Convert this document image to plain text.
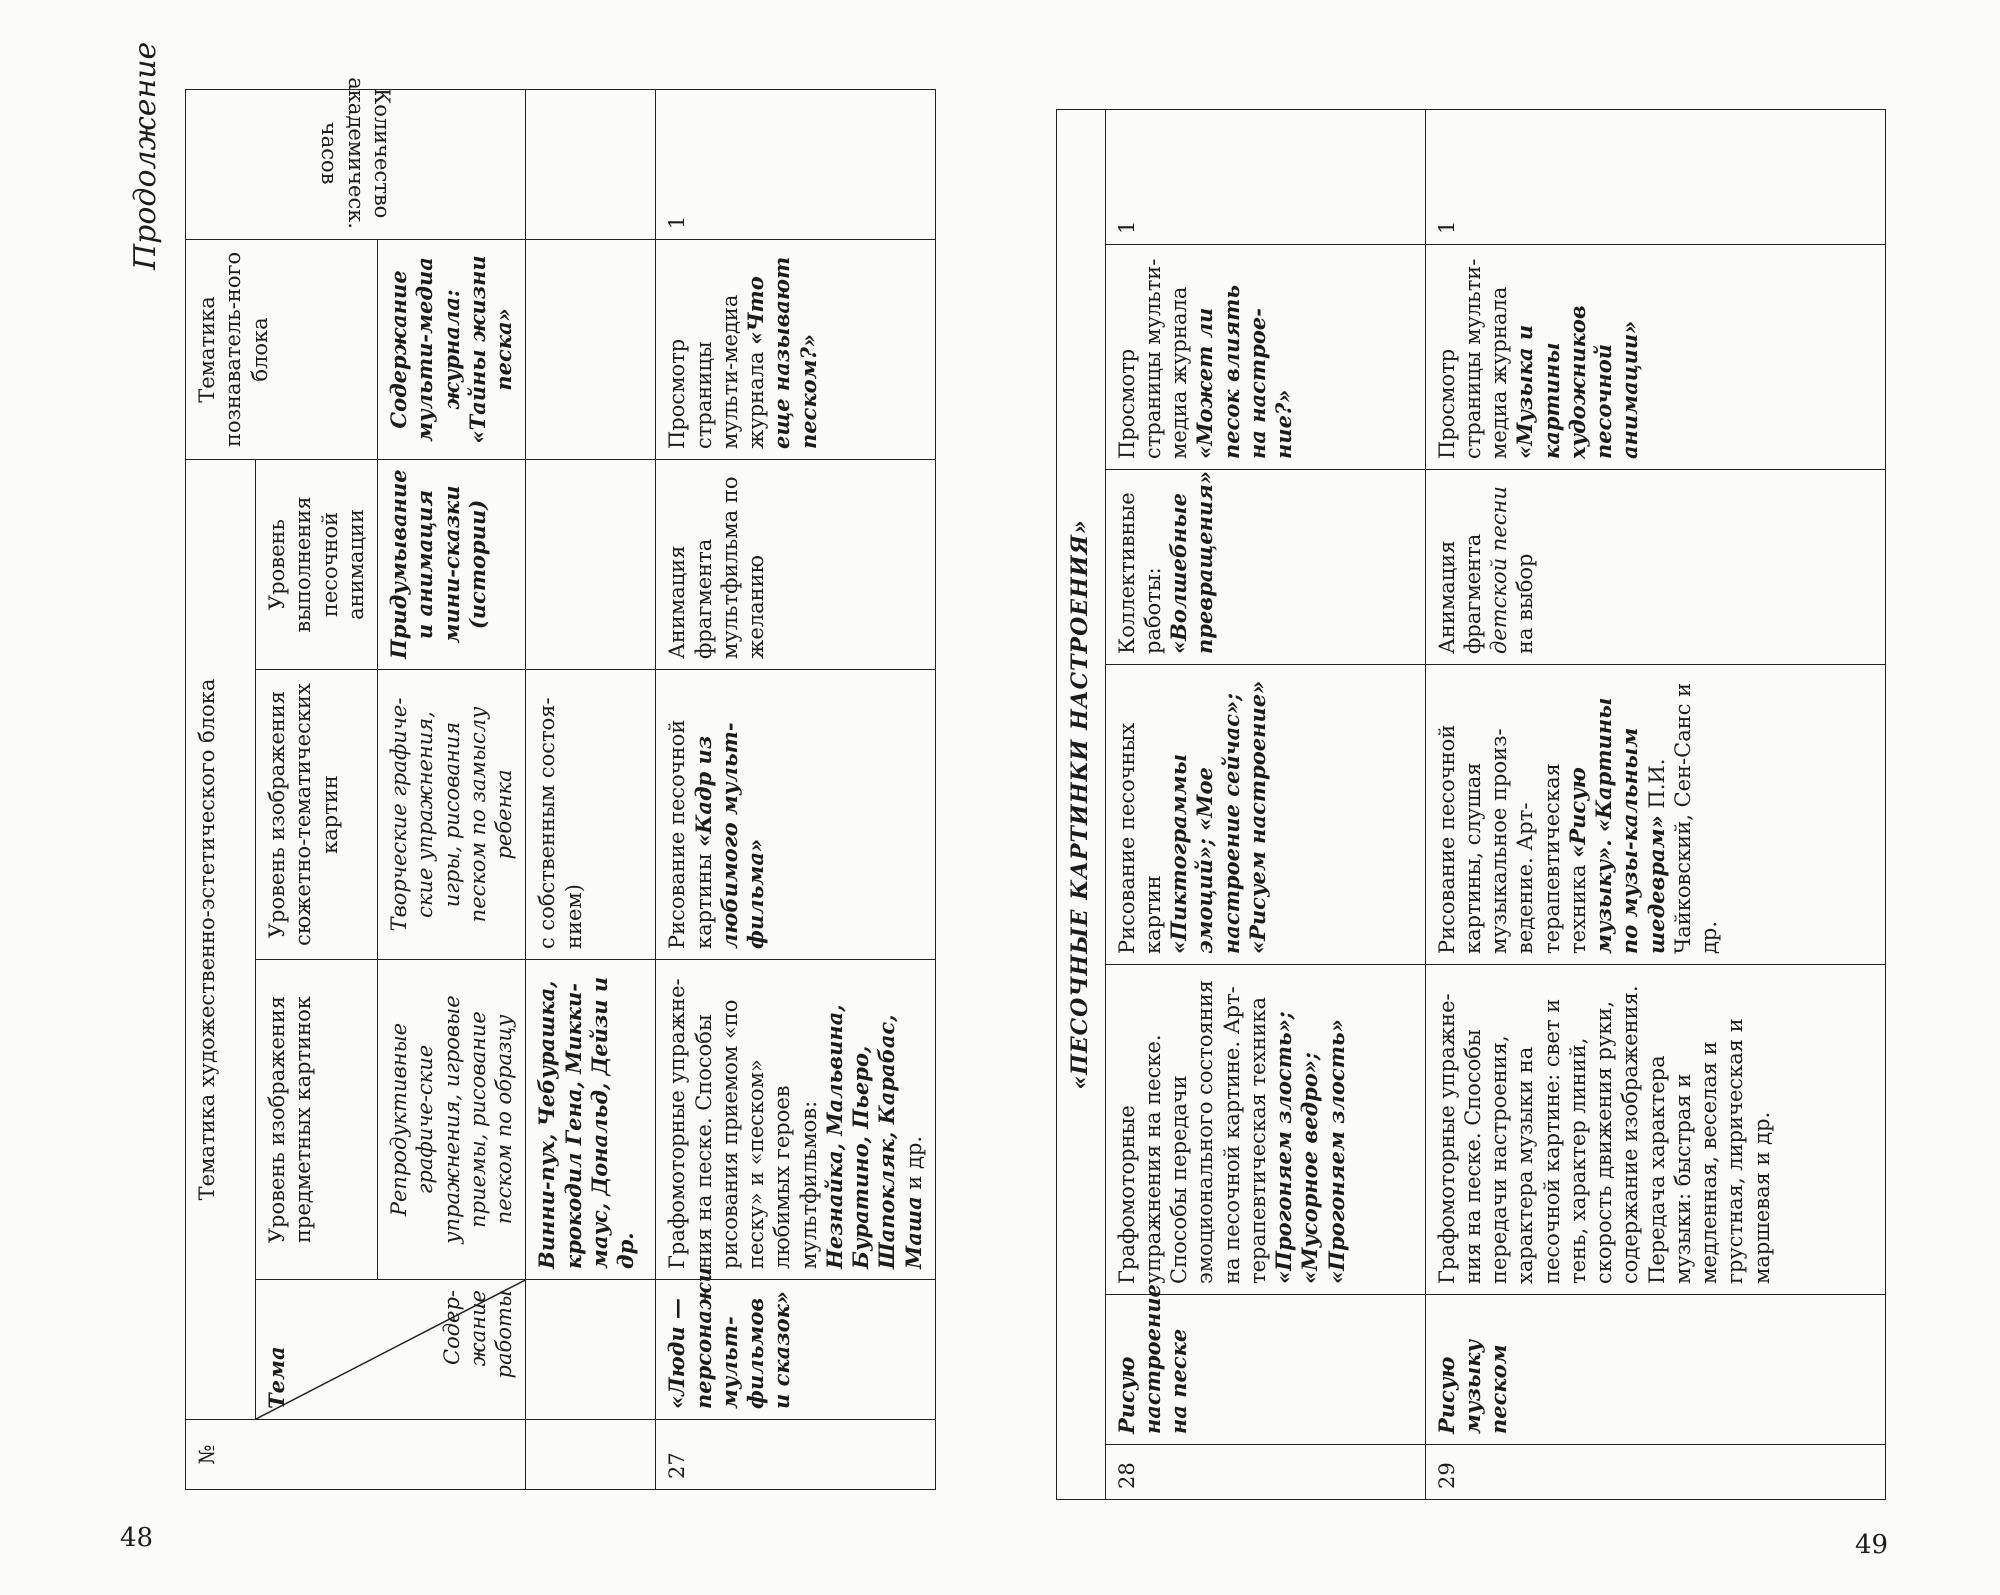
Продолжение
48
№	Тематика художественно-эстетического блока				Тематика познаватель-ного блока	Количество академическ. часов

	Тема
Содер-жание работы	Уровень изображения предметных картинок	Уровень изображения сюжетно-тематических картин	Уровень выполнения песочной анимации		
		Репродуктивные графиче-ские упражнения, игровые приемы, рисование песком по образцу	Творческие графиче-ские упражнения, игры, рисования песком по замыслу ребенка	Придумывание и анимация мини-сказки (истории)	Содержание мульти-медиа журнала: «Тайны жизни песка»	
		Винни-пух, Чебурашка, крокодил Гена, Микки-маус, Дональд, Дейзи и др.	с собственным состоя-нием)			
27	«Люди — персонажи мульт-фильмов и сказок»	Графомоторные упражне-ния на песке. Способы рисования приемом «по песку» и «песком» любимых героев мультфильмов: Незнайка, Мальвина, Буратино, Пьеро, Шапокляк, Карабас, Маша и др.	Рисование песочной картины «Кадр из любимого мульт-фильма»	Анимация фрагмента мультфильма по желанию	Просмотр страницы мульти-медиа журнала «Что еще называют песком?»	1
49
«ПЕСОЧНЫЕ КАРТИНКИ НАСТРОЕНИЯ»						
28	Рисую настроение на песке	Графомоторные упражнения на песке. Способы передачи эмоционального состояния на песочной картине. Арт-терапевтическая техника «Прогоняем злость»; «Мусорное ведро»; «Прогоняем злость»	Рисование песочных картин «Пиктограммы эмоций»; «Мое настроение сейчас»; «Рисуем настроение»	Коллективные работы: «Волшебные превращения»	Просмотр страницы мульти-медиа журнала «Может ли песок влиять на настрое-ние?»	1
29	Рисую музыку песком	Графомоторные упражне-ния на песке. Способы передачи настроения, характера музыки на песочной картине: свет и тень, характер линий, скорость движения руки, содержание изображения. Передача характера музыки: быстрая и медленная, веселая и грустная, лирическая и маршевая и др.	Рисование песочной картины, слушая музыкальное произ-ведение. Арт-терапевтическая техника «Рисую музыку». «Картины по музы-кальным шедеврам» П.И. Чайковский, Сен-Санс и др.	Анимация фрагмента детской песни на выбор	Просмотр страницы мульти-медиа журнала «Музыка и картины художников песочной анимации»	1
